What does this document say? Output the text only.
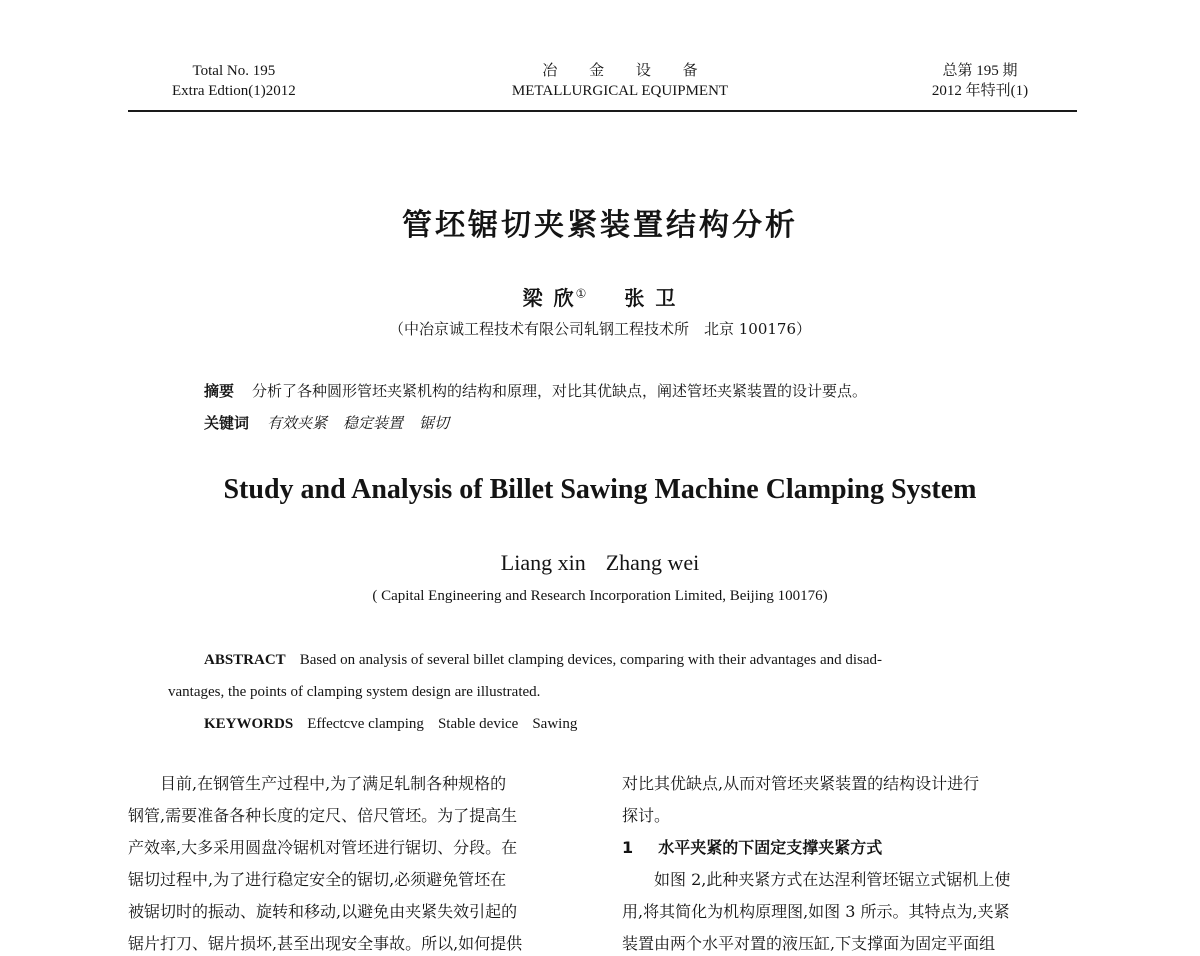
Total No. 195
Extra Edtion(1)2012
冶 金 设 备
METALLURGICAL EQUIPMENT
总第 195 期
2012 年特刊(1)
管坯锯切夹紧装置结构分析
梁 欣① 张 卫
（中冶京诚工程技术有限公司轧钢工程技术所　北京 100176）
摘要 分析了各种圆形管坯夹紧机构的结构和原理，对比其优缺点，阐述管坯夹紧装置的设计要点。
关键词 有效夹紧 稳定装置 锯切
Study and Analysis of Billet Sawing Machine Clamping System
Liang xin Zhang wei
( Capital Engineering and Research Incorporation Limited, Beijing 100176)
ABSTRACT Based on analysis of several billet clamping devices, comparing with their advantages and disad-
vantages, the points of clamping system design are illustrated.
KEYWORDS Effectcve clamping Stable device Sawing
目前,在钢管生产过程中,为了满足轧制各种规格的
钢管,需要准备各种长度的定尺、倍尺管坯。为了提高生
产效率,大多采用圆盘冷锯机对管坯进行锯切、分段。在
锯切过程中,为了进行稳定安全的锯切,必须避免管坯在
被锯切时的振动、旋转和移动,以避免由夹紧失效引起的
锯片打刀、锯片损坏,甚至出现安全事故。所以,如何提供
对比其优缺点,从而对管坯夹紧装置的结构设计进行
探讨。
1 水平夹紧的下固定支撑夹紧方式
如图 2,此种夹紧方式在达涅利管坯锯立式锯机上使
用,将其简化为机构原理图,如图 3 所示。其特点为,夹紧
装置由两个水平对置的液压缸,下支撑面为固定平面组
